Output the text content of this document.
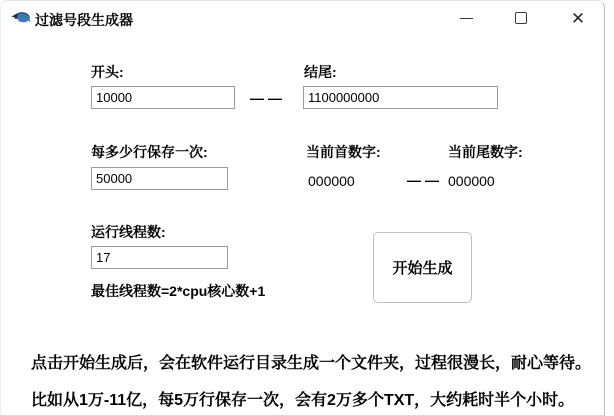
过滤号段生成器	✕
开头:
10000
——
结尾:
1100000000
每多少行保存一次:
50000	当前首数字:	当前尾数字:
000000	—— 000000
运行线程数:
17
最佳线程数=2*cpu核心数+1
开始生成
点击开始生成后，会在软件运行目录生成一个文件夹，过程很漫长，耐心等待。
比如从1万-11亿，每5万行保存一次，会有2万多个TXT，大约耗时半个小时。
